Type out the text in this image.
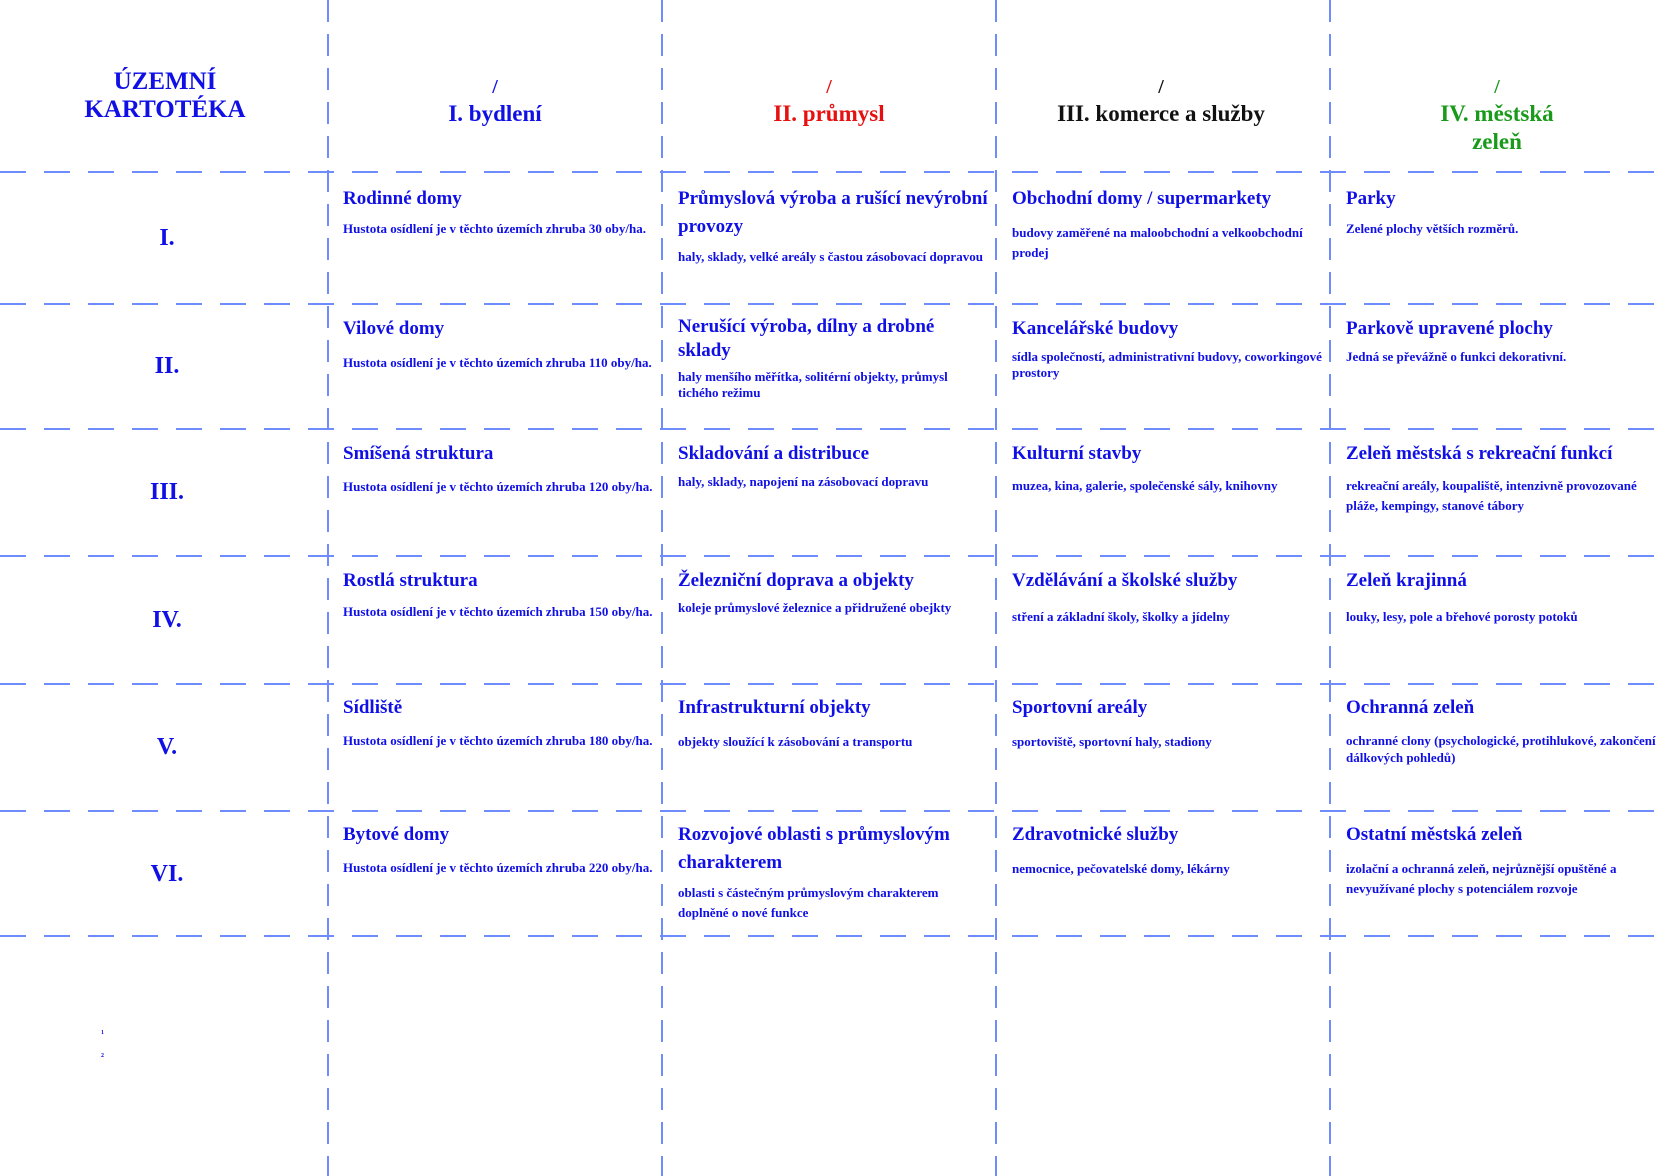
ÚZEMNÍ
KARTOTÉKA
/
I. bydlení
/
II. průmysl
/
III. komerce a služby
/
IV. městská zeleň
I.
II.
III.
IV.
V.
VI.

Rodinné domy

Hustota osídlení je v těchto územích zhruba 30 oby/ha.

Průmyslová výroba a rušící nevýrobní provozy

haly, sklady, velké areály s častou zásobovací dopravou

Obchodní domy / supermarkety

budovy zaměřené na maloobchodní a velkoobchodní prodej

Parky

Zelené plochy větších rozměrů.

Vilové domy

Hustota osídlení je v těchto územích zhruba 110 oby/ha.

Nerušící výroba, dílny a drobné sklady

haly menšího měřítka, solitérní objekty, průmysl tichého režimu

Kancelářské budovy

sídla společností, administrativní budovy, coworkingové prostory

Parkově upravené plochy

Jedná se převážně o funkci dekorativní.

Smíšená struktura

Hustota osídlení je v těchto územích zhruba 120 oby/ha.

Skladování a distribuce

haly, sklady, napojení na zásobovací dopravu

Kulturní stavby

muzea, kina, galerie, společenské sály, knihovny

Zeleň městská s rekreační funkcí

rekreační areály, koupaliště, intenzivně provozované pláže, kempingy, stanové tábory

Rostlá struktura

Hustota osídlení je v těchto územích zhruba 150 oby/ha.

Železniční doprava a objekty

koleje průmyslové železnice a přidružené obejkty

Vzdělávání a školské služby

stření a základní školy, školky a jídelny

Zeleň krajinná

louky, lesy, pole a břehové porosty potoků

Sídliště

Hustota osídlení je v těchto územích zhruba 180 oby/ha.

Infrastrukturní objekty

objekty sloužící k zásobování a transportu

Sportovní areály

sportoviště, sportovní haly, stadiony

Ochranná zeleň

ochranné clony (psychologické, protihlukové, zakončení dálkových pohledů)

Bytové domy

Hustota osídlení je v těchto územích zhruba 220 oby/ha.

Rozvojové oblasti s průmyslovým charakterem

oblasti s částečným průmyslovým charakterem doplněné o nové funkce

Zdravotnické služby

nemocnice, pečovatelské domy, lékárny

Ostatní městská zeleň

izolační a ochranná zeleň, nejrůznější opuštěné a nevyužívané plochy s potenciálem rozvoje

1
2
